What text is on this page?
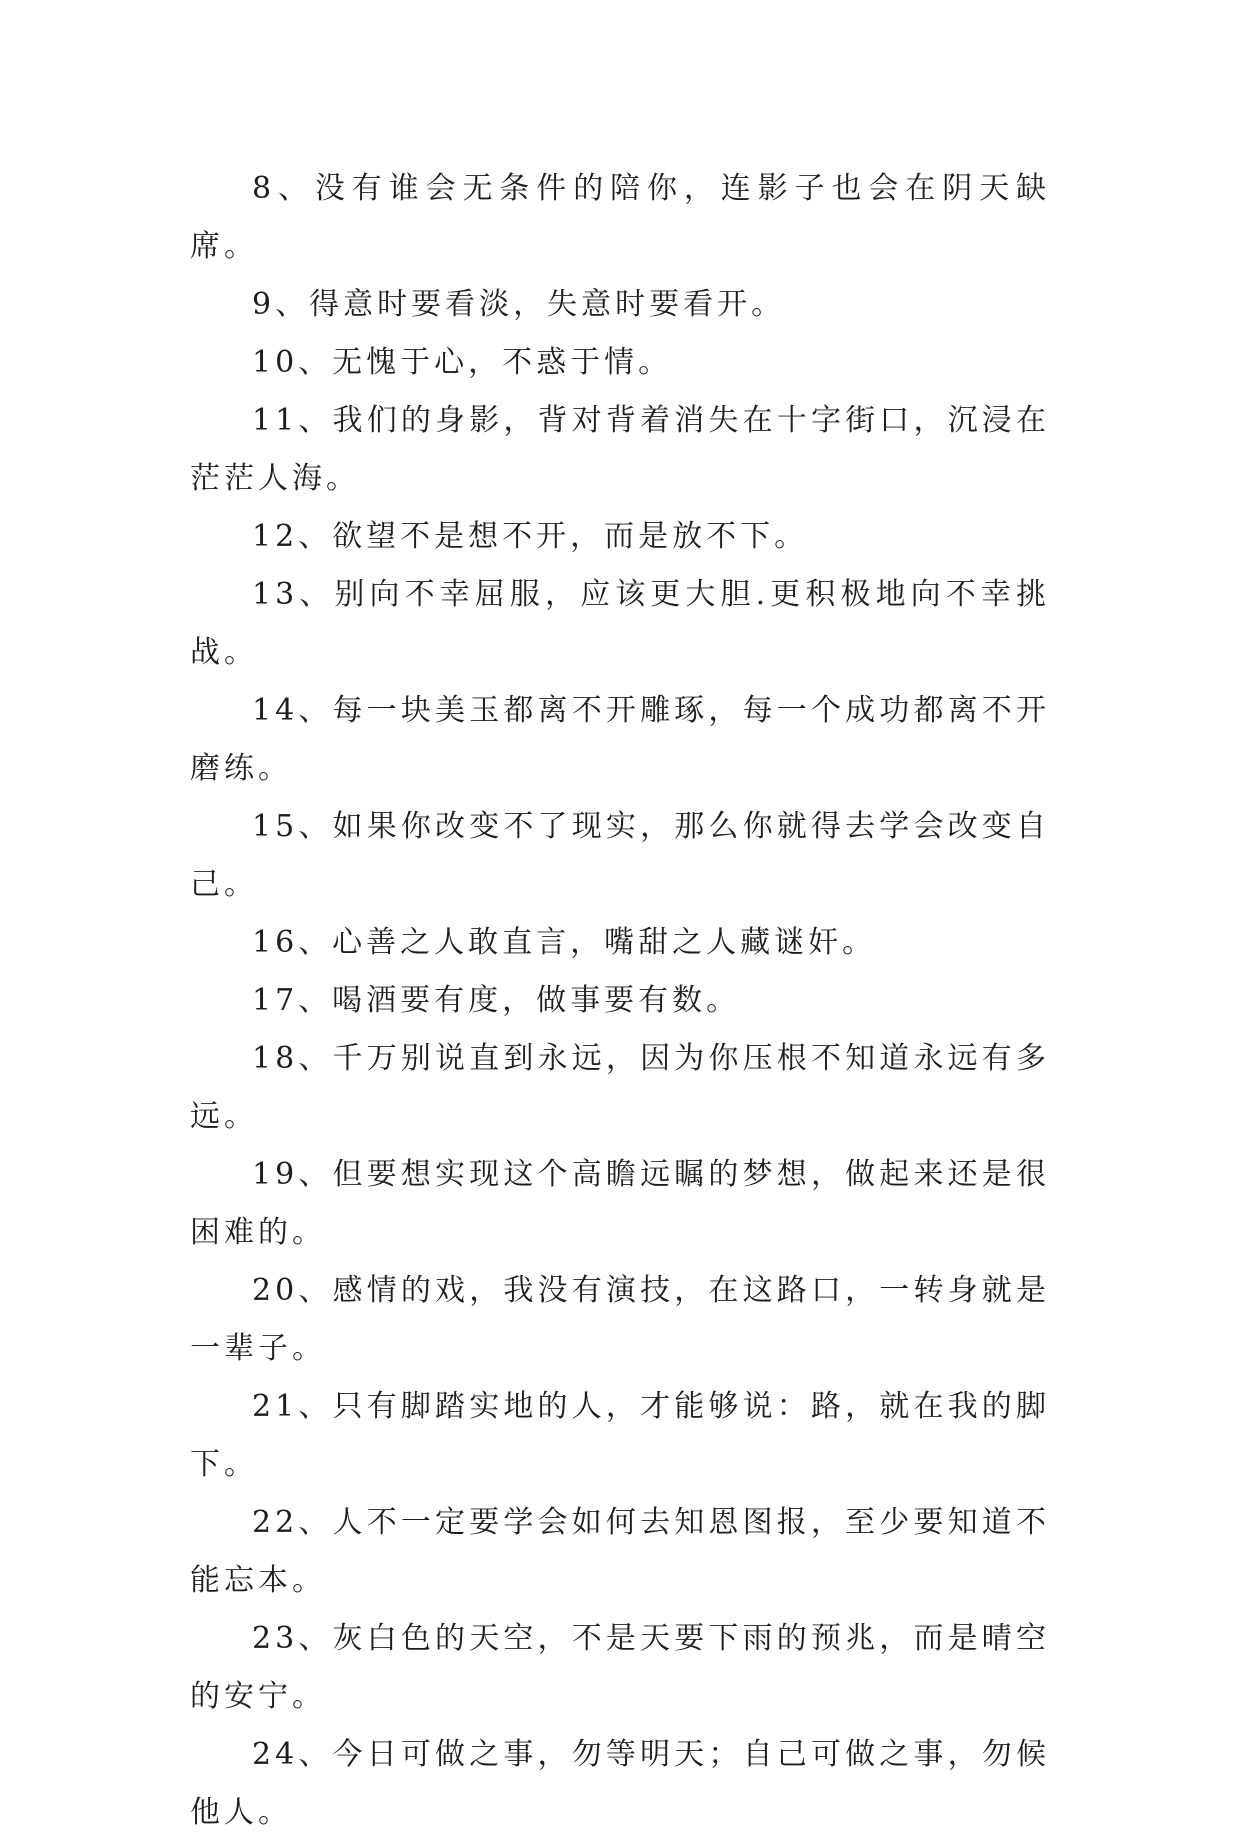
8、没有谁会无条件的陪你，连影子也会在阴天缺席。

9、得意时要看淡，失意时要看开。

10、无愧于心，不惑于情。

11、我们的身影，背对背着消失在十字街口，沉浸在茫茫人海。

12、欲望不是想不开，而是放不下。

13、别向不幸屈服，应该更大胆.更积极地向不幸挑战。

14、每一块美玉都离不开雕琢，每一个成功都离不开磨练。

15、如果你改变不了现实，那么你就得去学会改变自己。

16、心善之人敢直言，嘴甜之人藏谜奸。

17、喝酒要有度，做事要有数。

18、千万别说直到永远，因为你压根不知道永远有多远。

19、但要想实现这个高瞻远瞩的梦想，做起来还是很困难的。

20、感情的戏，我没有演技，在这路口，一转身就是一辈子。

21、只有脚踏实地的人，才能够说：路，就在我的脚下。

22、人不一定要学会如何去知恩图报，至少要知道不能忘本。

23、灰白色的天空，不是天要下雨的预兆，而是晴空的安宁。

24、今日可做之事，勿等明天；自己可做之事，勿候他人。
